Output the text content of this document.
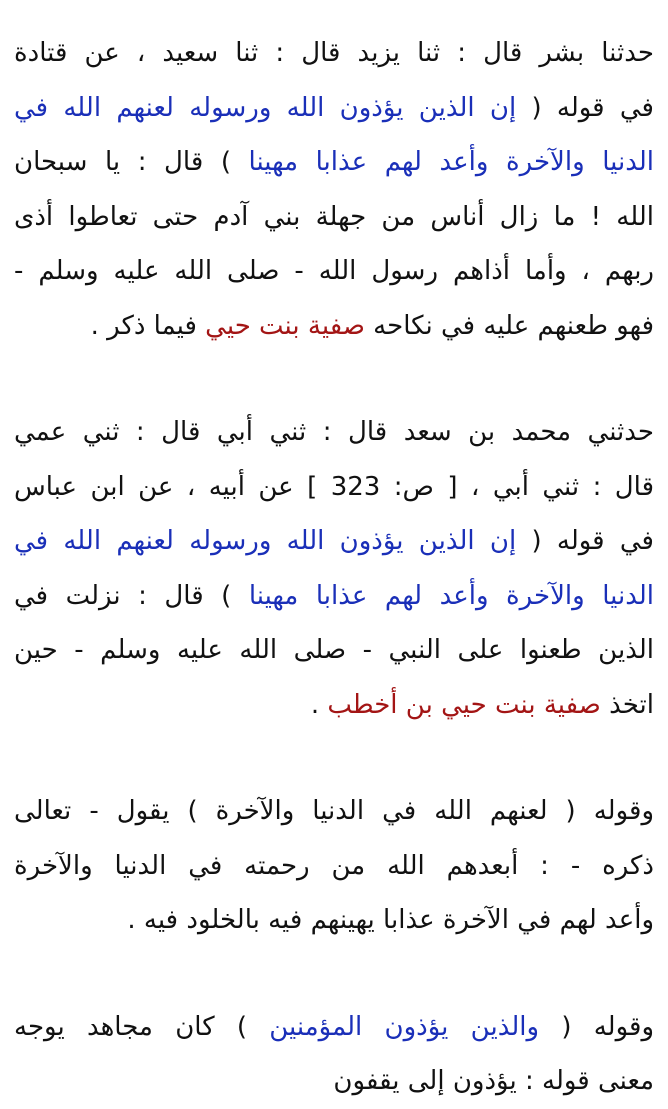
حدثنا بشر قال : ثنا يزيد قال : ثنا سعيد ، عن قتادة
في قوله ( إن الذين يؤذون الله ورسوله لعنهم الله في
الدنيا والآخرة وأعد لهم عذابا مهينا ) قال : يا سبحان
الله ! ما زال أناس من جهلة بني آدم حتى تعاطوا أذى
ربهم ، وأما أذاهم رسول الله - صلى الله عليه وسلم -
فهو طعنهم عليه في نكاحه صفية بنت حيي فيما ذكر .
حدثني محمد بن سعد قال : ثني أبي قال : ثني عمي
قال : ثني أبي ، [ ص: 323 ] عن أبيه ، عن ابن عباس
في قوله ( إن الذين يؤذون الله ورسوله لعنهم الله في
الدنيا والآخرة وأعد لهم عذابا مهينا ) قال : نزلت في
الذين طعنوا على النبي - صلى الله عليه وسلم - حين
اتخذ صفية بنت حيي بن أخطب .
وقوله ( لعنهم الله في الدنيا والآخرة ) يقول - تعالى
ذكره - : أبعدهم الله من رحمته في الدنيا والآخرة
وأعد لهم في الآخرة عذابا يهينهم فيه بالخلود فيه .
وقوله ( والذين يؤذون المؤمنين ) كان مجاهد يوجه
معنى قوله : يؤذون إلى يقفون
